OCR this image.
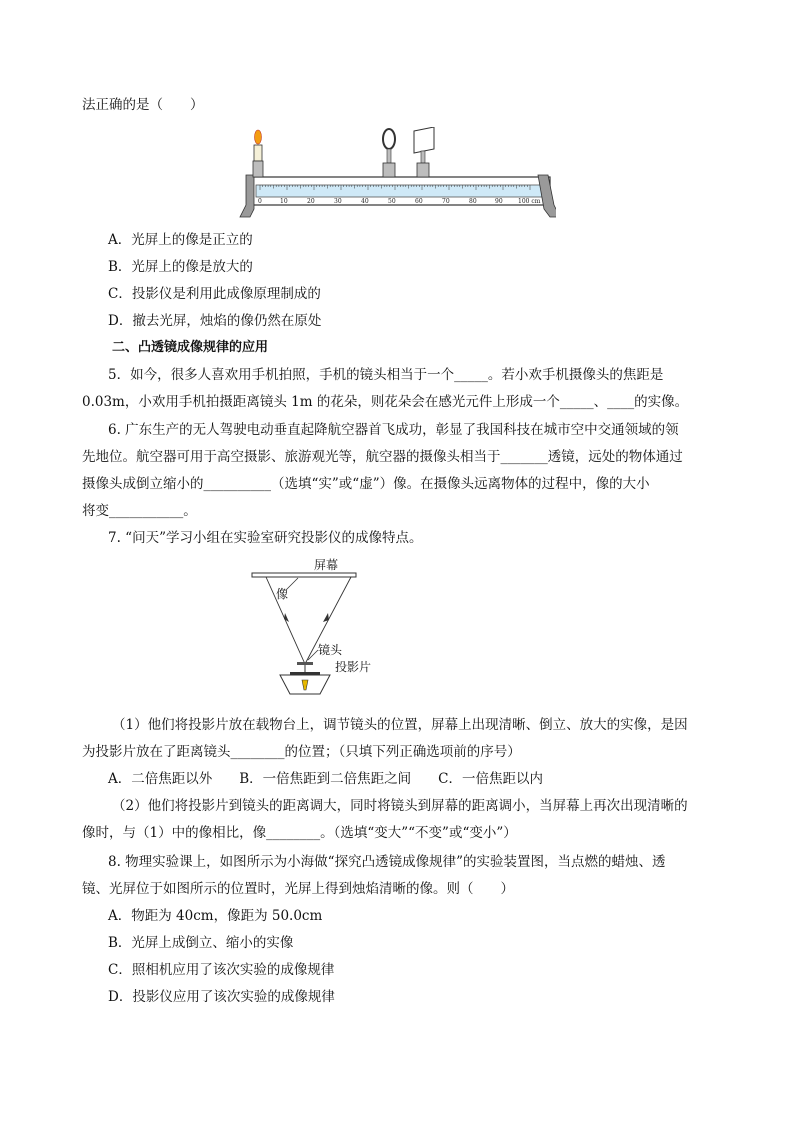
法正确的是（　　）
0	10	20	30	40	50	60	70	80	90	100 cm
A．光屏上的像是正立的
B．光屏上的像是放大的
C．投影仪是利用此成像原理制成的
D．撤去光屏，烛焰的像仍然在原处
二、凸透镜成像规律的应用
5．如今，很多人喜欢用手机拍照，手机的镜头相当于一个_____。若小欢手机摄像头的焦距是
0.03m，小欢用手机拍摄距离镜头 1m 的花朵，则花朵会在感光元件上形成一个_____、____的实像。
6. 广东生产的无人驾驶电动垂直起降航空器首飞成功，彰显了我国科技在城市空中交通领域的领
先地位。航空器可用于高空摄影、旅游观光等，航空器的摄像头相当于_______透镜，远处的物体通过
摄像头成倒立缩小的__________（选填“实”或“虚”）像。在摄像头远离物体的过程中，像的大小
将变___________。
7. “问天”学习小组在实验室研究投影仪的成像特点。
屏幕
像
镜头
投影片
（1）他们将投影片放在载物台上，调节镜头的位置，屏幕上出现清晰、倒立、放大的实像，是因
为投影片放在了距离镜头________的位置；（只填下列正确选项前的序号）
A．二倍焦距以外　　B．一倍焦距到二倍焦距之间　　C．一倍焦距以内
（2）他们将投影片到镜头的距离调大，同时将镜头到屏幕的距离调小，当屏幕上再次出现清晰的
像时，与（1）中的像相比，像________。（选填“变大”“不变”或“变小”）
8. 物理实验课上，如图所示为小海做“探究凸透镜成像规律”的实验装置图，当点燃的蜡烛、透
镜、光屏位于如图所示的位置时，光屏上得到烛焰清晰的像。则（　　）
A．物距为 40cm，像距为 50.0cm
B．光屏上成倒立、缩小的实像
C．照相机应用了该次实验的成像规律
D．投影仪应用了该次实验的成像规律
